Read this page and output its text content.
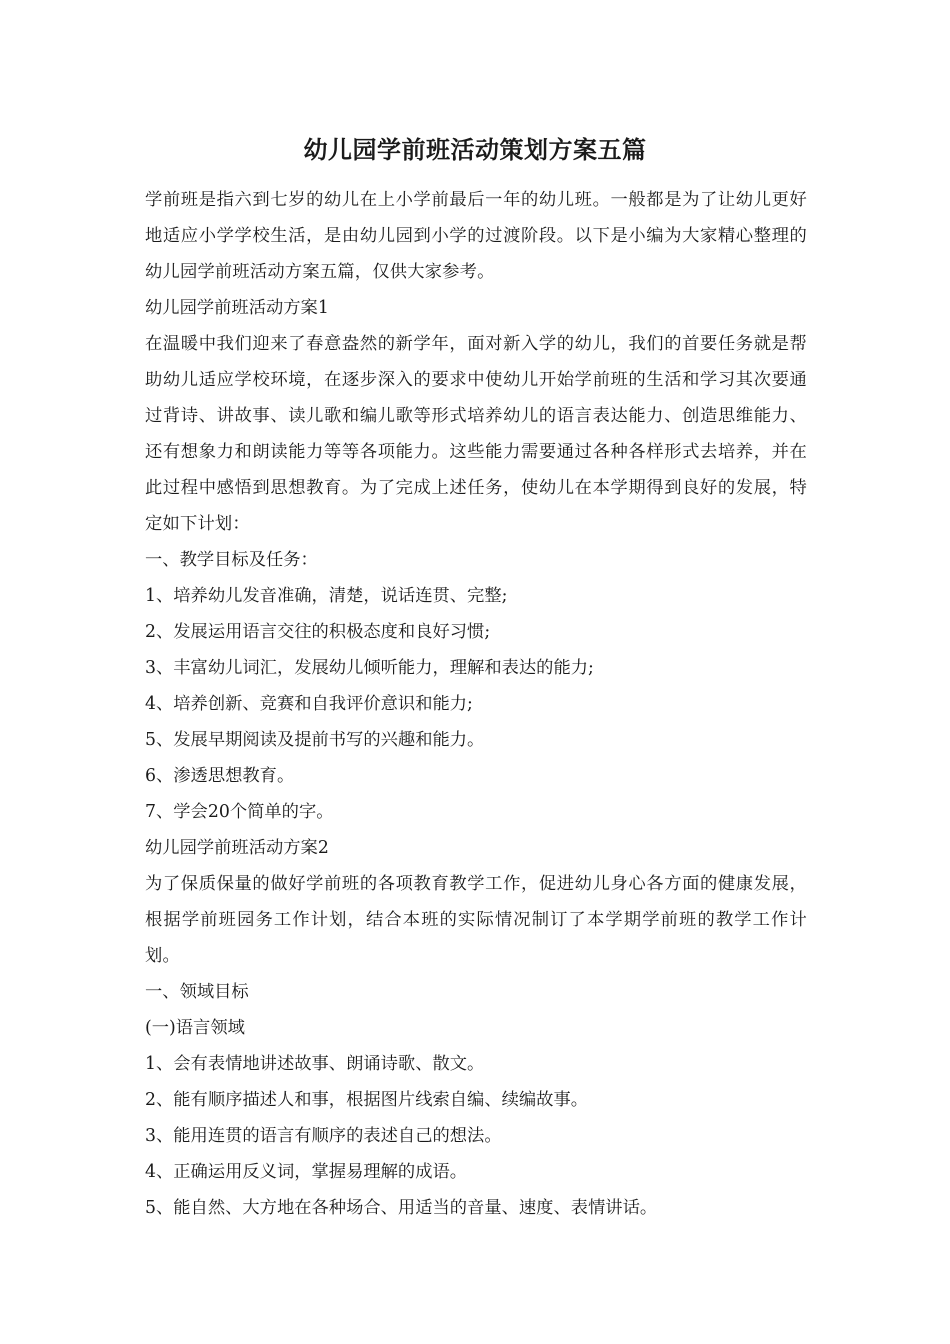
幼儿园学前班活动策划方案五篇

学前班是指六到七岁的幼儿在上小学前最后一年的幼儿班。一般都是为了让幼儿更好地适应小学学校生活，是由幼儿园到小学的过渡阶段。以下是小编为大家精心整理的幼儿园学前班活动方案五篇，仅供大家参考。

幼儿园学前班活动方案1

在温暖中我们迎来了春意盎然的新学年，面对新入学的幼儿，我们的首要任务就是帮助幼儿适应学校环境，在逐步深入的要求中使幼儿开始学前班的生活和学习其次要通过背诗、讲故事、读儿歌和编儿歌等形式培养幼儿的语言表达能力、创造思维能力、还有想象力和朗读能力等等各项能力。这些能力需要通过各种各样形式去培养，并在此过程中感悟到思想教育。为了完成上述任务，使幼儿在本学期得到良好的发展，特定如下计划：

一、教学目标及任务：

1、培养幼儿发音准确，清楚，说话连贯、完整;

2、发展运用语言交往的积极态度和良好习惯;

3、丰富幼儿词汇，发展幼儿倾听能力，理解和表达的能力;

4、培养创新、竞赛和自我评价意识和能力;

5、发展早期阅读及提前书写的兴趣和能力。

6、渗透思想教育。

7、学会20个简单的字。

幼儿园学前班活动方案2

为了保质保量的做好学前班的各项教育教学工作，促进幼儿身心各方面的健康发展，根据学前班园务工作计划，结合本班的实际情况制订了本学期学前班的教学工作计划。

一、领域目标

(一)语言领域

1、会有表情地讲述故事、朗诵诗歌、散文。

2、能有顺序描述人和事，根据图片线索自编、续编故事。

3、能用连贯的语言有顺序的表述自己的想法。

4、正确运用反义词，掌握易理解的成语。

5、能自然、大方地在各种场合、用适当的音量、速度、表情讲话。
